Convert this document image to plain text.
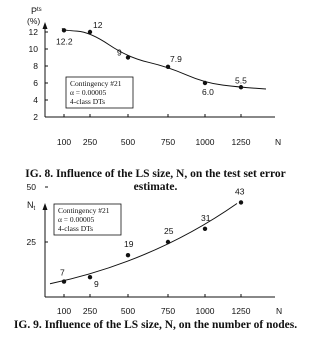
$P^{ts}$
(%)
N
2
4
6
8
10
12
100 250	500	750 1000 1250
12.2
12
9
7.9
6.0
5.5
Contingency #21
α = 0.00005
4-class DTs
$N_t$
N
25
50
100 250	500	750 1000 1250
7
9
19
25
31
43
Contingency #21
α = 0.00005
4-class DTs
IG. 8. Influence of the LS size, N, on the test set error
estimate.
IG. 9. Influence of the LS size, N, on the number of nodes.
